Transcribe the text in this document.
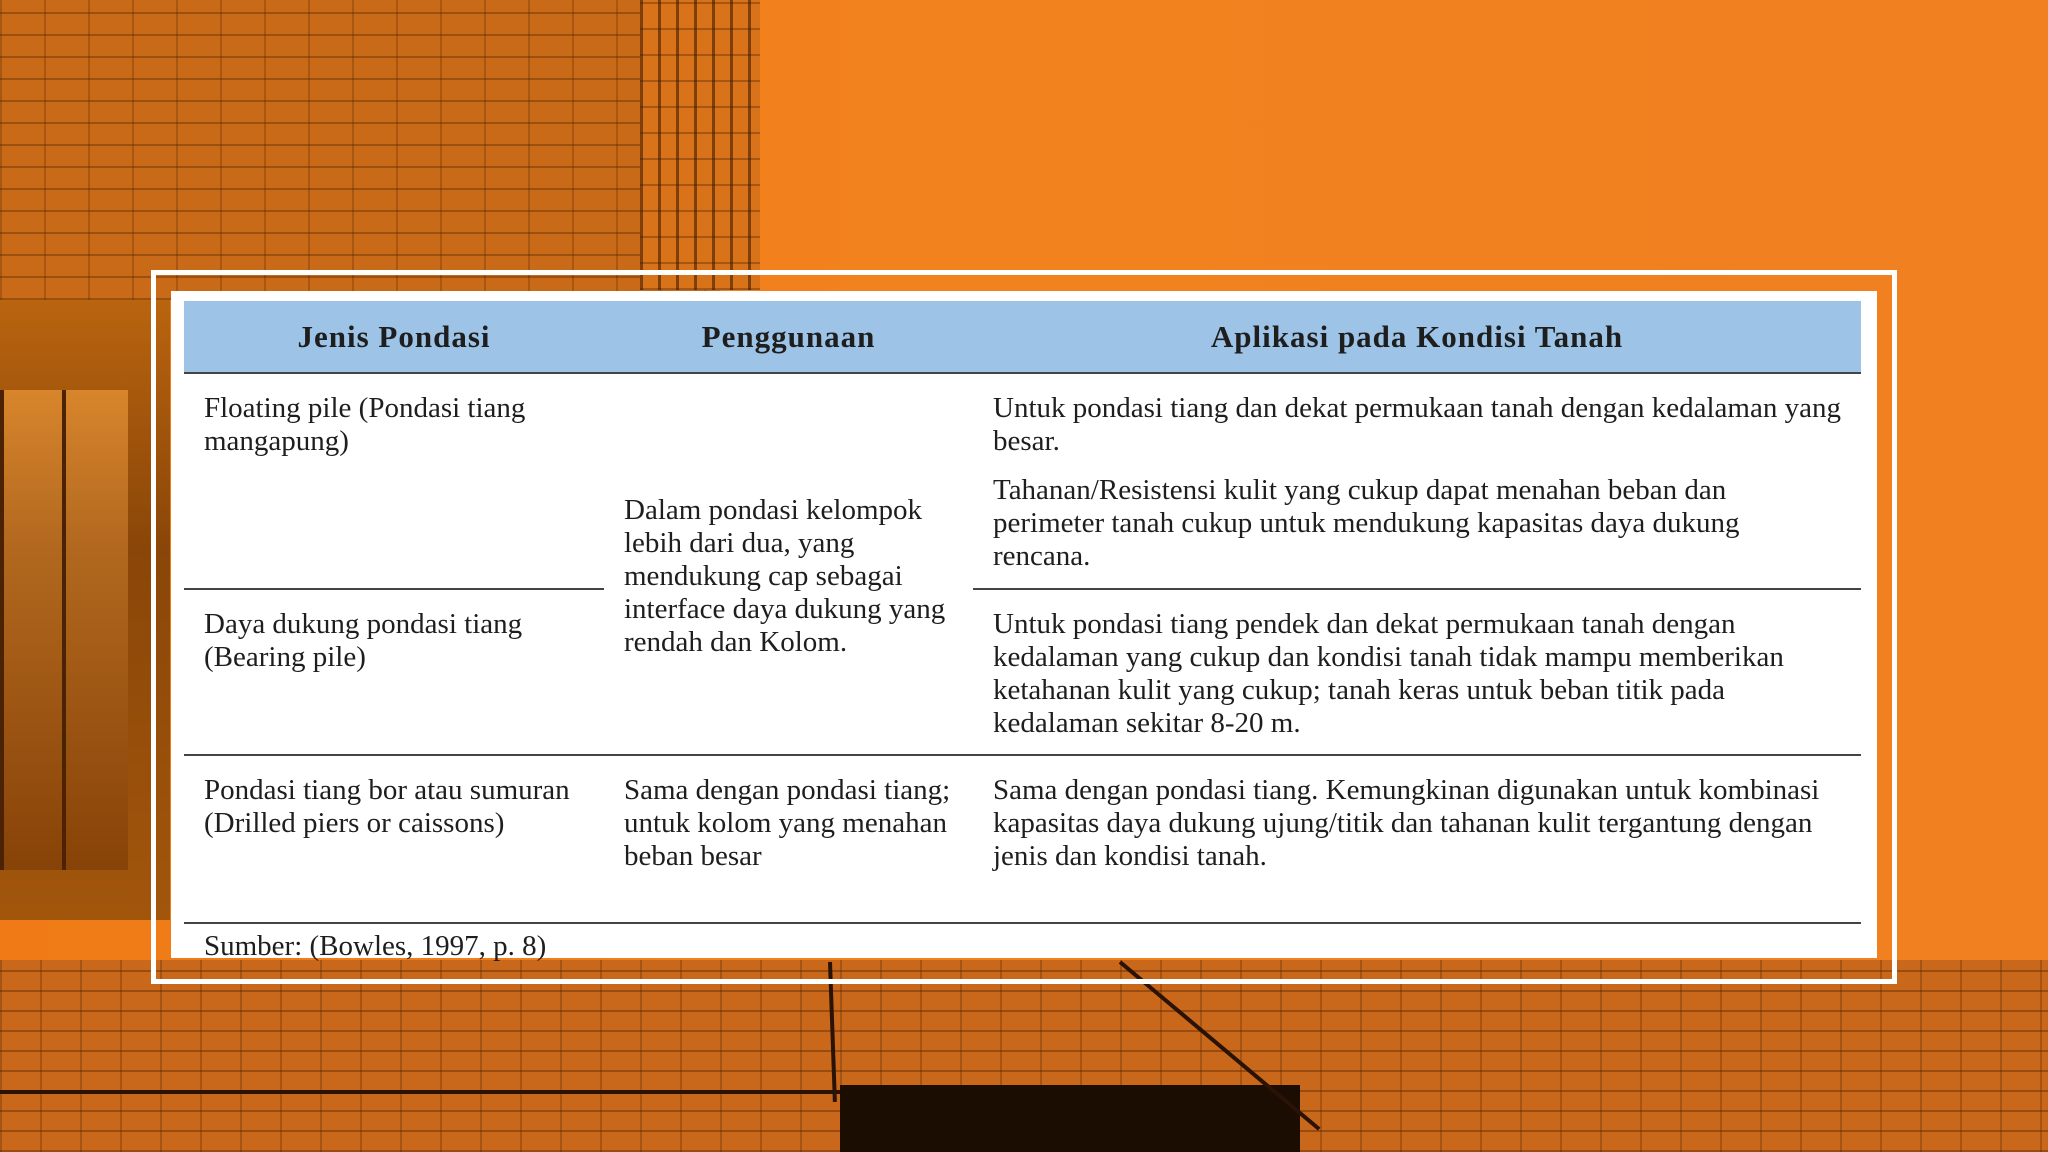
Jenis Pondasi	Penggunaan	Aplikasi pada Kondisi Tanah

Floating pile (Pondasi tiang mangapung)	Dalam pondasi kelompok lebih dari dua, yang mendukung cap sebagai interface daya dukung yang rendah dan Kolom.	Untuk pondasi tiang dan dekat permukaan tanah dengan kedalaman yang besar.
Tahanan/Resistensi kulit yang cukup dapat menahan beban dan perimeter tanah cukup untuk mendukung kapasitas daya dukung rencana.

Daya dukung pondasi tiang (Bearing pile)		Untuk pondasi tiang pendek dan dekat permukaan tanah dengan kedalaman yang cukup dan kondisi tanah tidak mampu memberikan ketahanan kulit yang cukup; tanah keras untuk beban titik pada kedalaman sekitar 8-20 m.

Pondasi tiang bor atau sumuran (Drilled piers or caissons)	Sama dengan pondasi tiang; untuk kolom yang menahan beban besar	Sama dengan pondasi tiang. Kemungkinan digunakan untuk kombinasi kapasitas daya dukung ujung/titik dan tahanan kulit tergantung dengan jenis dan kondisi tanah.
Sumber: (Bowles, 1997, p. 8)
